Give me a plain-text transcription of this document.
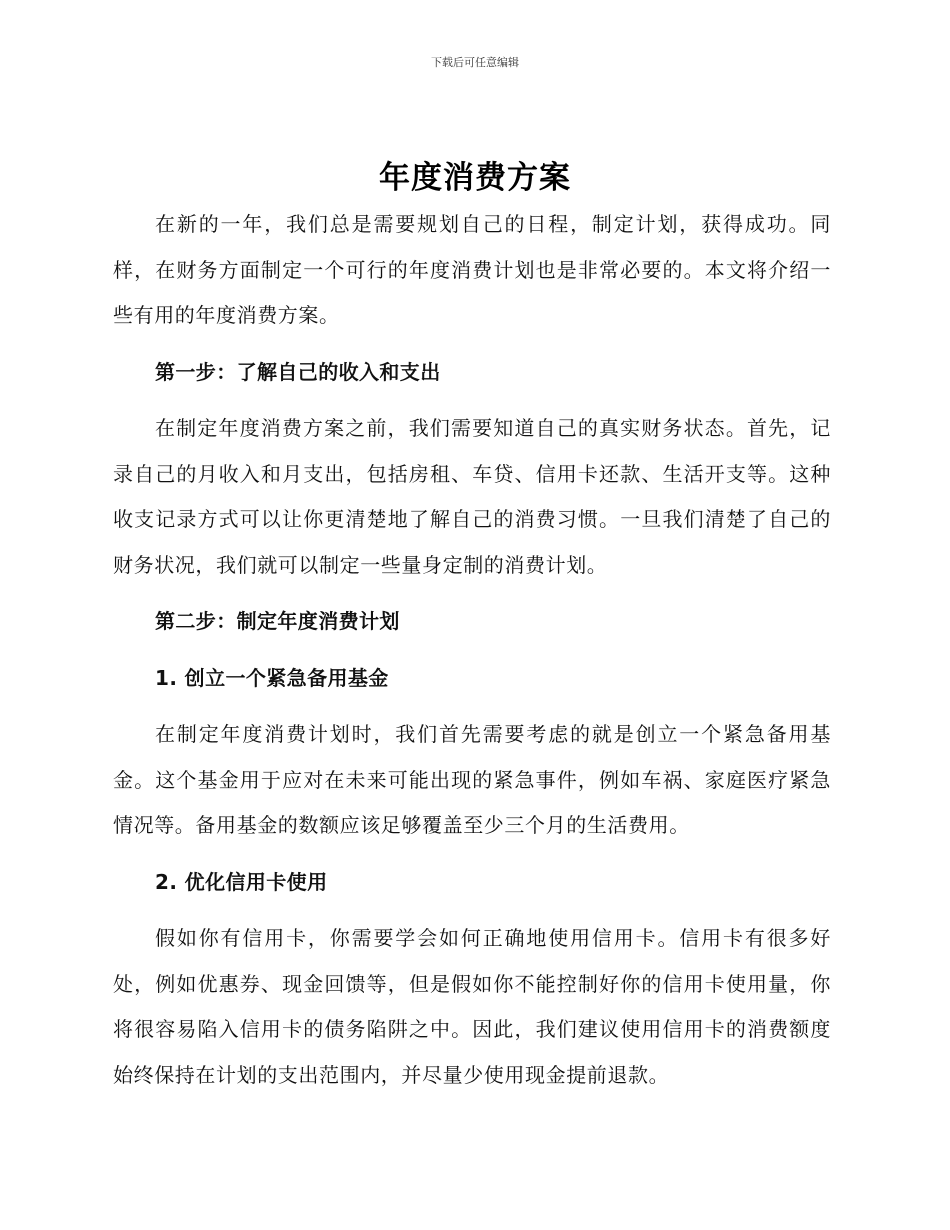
下载后可任意编辑
年度消费方案

在新的一年，我们总是需要规划自己的日程，制定计划，获得成功。同样，在财务方面制定一个可行的年度消费计划也是非常必要的。本文将介绍一些有用的年度消费方案。

第一步：了解自己的收入和支出

在制定年度消费方案之前，我们需要知道自己的真实财务状态。首先，记录自己的月收入和月支出，包括房租、车贷、信用卡还款、生活开支等。这种收支记录方式可以让你更清楚地了解自己的消费习惯。一旦我们清楚了自己的财务状况，我们就可以制定一些量身定制的消费计划。

第二步：制定年度消费计划
1. 创立一个紧急备用基金

在制定年度消费计划时，我们首先需要考虑的就是创立一个紧急备用基金。这个基金用于应对在未来可能出现的紧急事件，例如车祸、家庭医疗紧急情况等。备用基金的数额应该足够覆盖至少三个月的生活费用。

2. 优化信用卡使用

假如你有信用卡，你需要学会如何正确地使用信用卡。信用卡有很多好处，例如优惠券、现金回馈等，但是假如你不能控制好你的信用卡使用量，你将很容易陷入信用卡的债务陷阱之中。因此，我们建议使用信用卡的消费额度始终保持在计划的支出范围内，并尽量少使用现金提前退款。
